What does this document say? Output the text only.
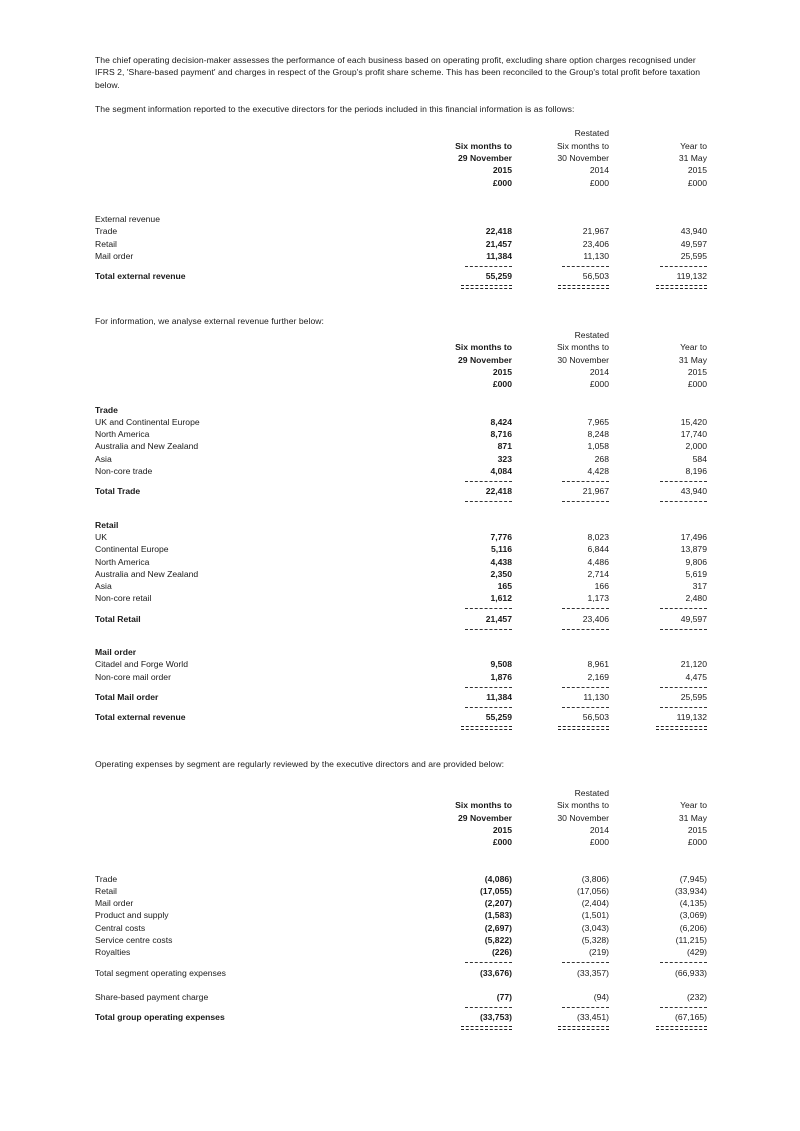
The chief operating decision-maker assesses the performance of each business based on operating profit, excluding share option charges recognised under IFRS 2, 'Share-based payment' and charges in respect of the Group's profit share scheme. This has been reconciled to the Group's total profit before taxation below.

The segment information reported to the executive directors for the periods included in this financial information is as follows:

		Restated	
	Six months to	Six months to	Year to
	29 November	30 November	31 May
	2015	2014	2015
	£000	£000	£000
External revenue			
Trade	22,418	21,967	43,940
Retail	21,457	23,406	49,597
Mail order	11,384	11,130	25,595

Total external revenue	55,259	56,503	119,132

For information, we analyse external revenue further below:

		Restated	
	Six months to	Six months to	Year to
	29 November	30 November	31 May
	2015	2014	2015
	£000	£000	£000
Trade			
UK and Continental Europe	8,424	7,965	15,420
North America	8,716	8,248	17,740
Australia and New Zealand	871	1,058	2,000
Asia	323	268	584
Non-core trade	4,084	4,428	8,196

Total Trade	22,418	21,967	43,940

Retail			
UK	7,776	8,023	17,496
Continental Europe	5,116	6,844	13,879
North America	4,438	4,486	9,806
Australia and New Zealand	2,350	2,714	5,619
Asia	165	166	317
Non-core retail	1,612	1,173	2,480

Total Retail	21,457	23,406	49,597

Mail order			
Citadel and Forge World	9,508	8,961	21,120
Non-core mail order	1,876	2,169	4,475

Total Mail order	11,384	11,130	25,595

Total external revenue	55,259	56,503	119,132

Operating expenses by segment are regularly reviewed by the executive directors and are provided below:

		Restated	
	Six months to	Six months to	Year to
	29 November	30 November	31 May
	2015	2014	2015
	£000	£000	£000
Trade	(4,086)	(3,806)	(7,945)
Retail	(17,055)	(17,056)	(33,934)
Mail order	(2,207)	(2,404)	(4,135)
Product and supply	(1,583)	(1,501)	(3,069)
Central costs	(2,697)	(3,043)	(6,206)
Service centre costs	(5,822)	(5,328)	(11,215)
Royalties	(226)	(219)	(429)

Total segment operating expenses	(33,676)	(33,357)	(66,933)

Share-based payment charge	(77)	(94)	(232)

Total group operating expenses	(33,753)	(33,451)	(67,165)
